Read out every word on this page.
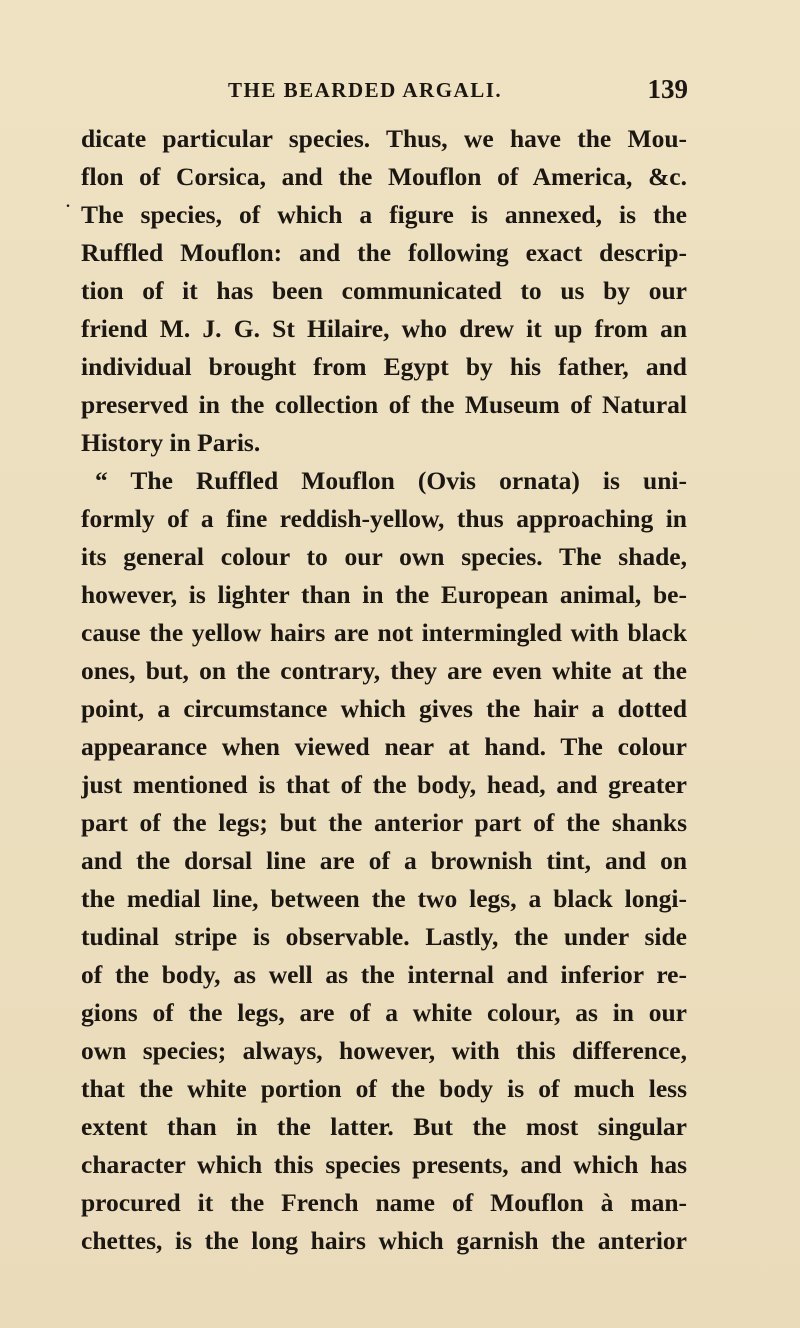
THE BEARDED ARGALI.	139
.
dicate particular species. Thus, we have the Mou-
flon of Corsica, and the Mouflon of America, &c.
The species, of which a figure is annexed, is the
Ruffled Mouflon: and the following exact descrip-
tion of it has been communicated to us by our
friend M. J. G. St Hilaire, who drew it up from an
individual brought from Egypt by his father, and
preserved in the collection of the Museum of Natural
History in Paris.
“ The Ruffled Mouflon (Ovis ornata) is uni-
formly of a fine reddish-yellow, thus approaching in
its general colour to our own species. The shade,
however, is lighter than in the European animal, be-
cause the yellow hairs are not intermingled with black
ones, but, on the contrary, they are even white at the
point, a circumstance which gives the hair a dotted
appearance when viewed near at hand. The colour
just mentioned is that of the body, head, and greater
part of the legs; but the anterior part of the shanks
and the dorsal line are of a brownish tint, and on
the medial line, between the two legs, a black longi-
tudinal stripe is observable. Lastly, the under side
of the body, as well as the internal and inferior re-
gions of the legs, are of a white colour, as in our
own species; always, however, with this difference,
that the white portion of the body is of much less
extent than in the latter. But the most singular
character which this species presents, and which has
procured it the French name of Mouflon à man-
chettes, is the long hairs which garnish the anterior
